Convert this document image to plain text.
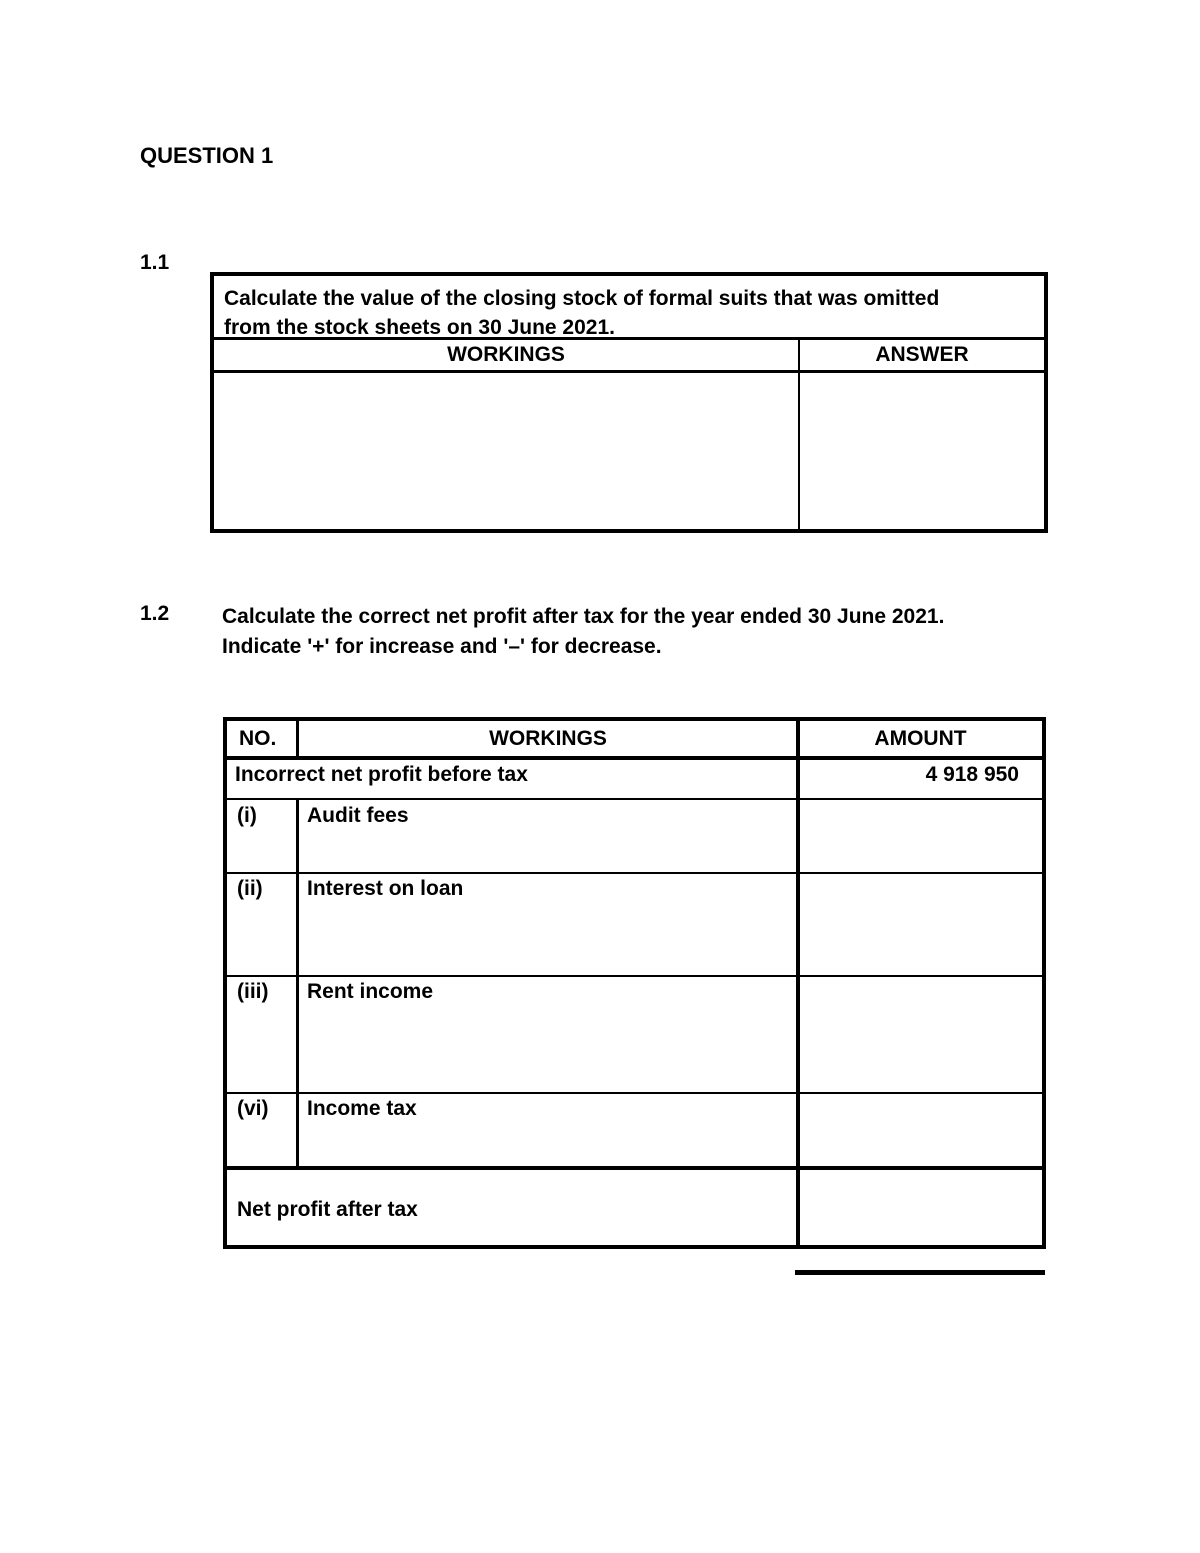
QUESTION 1
1.1
Calculate the value of the closing stock of formal suits that was omitted
from the stock sheets on 30 June 2021.
WORKINGS	ANSWER
1.2	Calculate the correct net profit after tax for the year ended 30 June 2021.
Indicate '+' for increase and '–' for decrease.
NO.	WORKINGS	AMOUNT
Incorrect net profit before tax	4 918 950
(i) Audit fees
(ii) Interest on loan
(iii) Rent income
(vi) Income tax
Net profit after tax
